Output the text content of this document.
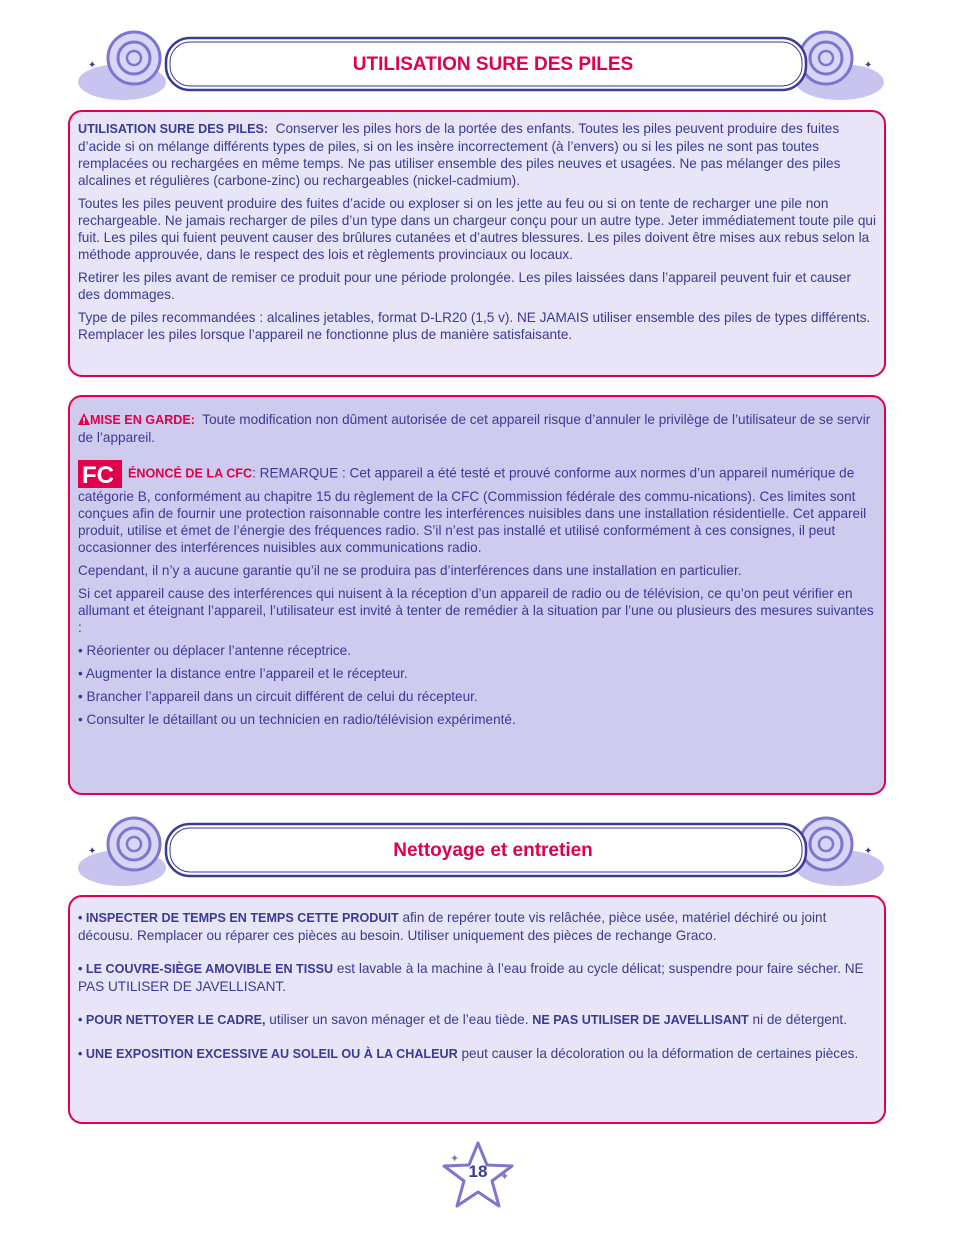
✦	✦
UTILISATION SURE DES PILES

UTILISATION SURE DES PILES: Conserver les piles hors de la portée des enfants. Toutes les piles peuvent produire des fuites d’acide si on mélange différents types de piles, si on les insère incorrectement (à l’envers) ou si les piles ne sont pas toutes remplacées ou rechargées en même temps. Ne pas utiliser ensemble des piles neuves et usagées. Ne pas mélanger des piles alcalines et régulières (carbone-zinc) ou rechargeables (nickel-cadmium).

Toutes les piles peuvent produire des fuites d’acide ou exploser si on les jette au feu ou si on tente de recharger une pile non rechargeable. Ne jamais recharger de piles d’un type dans un chargeur conçu pour un autre type. Jeter immédiatement toute pile qui fuit. Les piles qui fuient peuvent causer des brûlures cutanées et d’autres blessures. Les piles doivent être mises aux rebus selon la méthode approuvée, dans le respect des lois et règlements provinciaux ou locaux.

Retirer les piles avant de remiser ce produit pour une période prolongée. Les piles laissées dans l’appareil peuvent fuir et causer des dommages.

Type de piles recommandées : alcalines jetables, format D-LR20 (1,5 v). NE JAMAIS utiliser ensemble des piles de types différents. Remplacer les piles lorsque l’appareil ne fonctionne plus de manière satisfaisante.

MISE EN GARDE: Toute modification non dûment autorisée de cet appareil risque d’annuler le privilège de l’utilisateur de se servir de l’appareil.

FC ÉNONCÉ DE LA CFC: REMARQUE : Cet appareil a été testé et prouvé conforme aux normes d’un appareil numérique de catégorie B, conformément au chapitre 15 du règlement de la CFC (Commission fédérale des commu-nications). Ces limites sont conçues afin de fournir une protection raisonnable contre les interférences nuisibles dans une installation résidentielle. Cet appareil produit, utilise et émet de l’énergie des fréquences radio. S’il n’est pas installé et utilisé conformément à ces consignes, il peut occasionner des interférences nuisibles aux communications radio.

Cependant, il n’y a aucune garantie qu’il ne se produira pas d’interférences dans une installation en particulier.

Si cet appareil cause des interférences qui nuisent à la réception d’un appareil de radio ou de télévision, ce qu’on peut vérifier en allumant et éteignant l’appareil, l’utilisateur est invité à tenter de remédier à la situation par l’une ou plusieurs des mesures suivantes :

• Réorienter ou déplacer l’antenne réceptrice.

• Augmenter la distance entre l’appareil et le récepteur.

• Brancher l’appareil dans un circuit différent de celui du récepteur.

• Consulter le détaillant ou un technicien en radio/télévision expérimenté.

✦	✦
Nettoyage et entretien

• INSPECTER DE TEMPS EN TEMPS CETTE PRODUIT afin de repérer toute vis relâchée, pièce usée, matériel déchiré ou joint décousu. Remplacer ou réparer ces pièces au besoin. Utiliser uniquement des pièces de rechange Graco.

• LE COUVRE-SIÈGE AMOVIBLE EN TISSU est lavable à la machine à l’eau froide au cycle délicat; suspendre pour faire sécher. NE PAS UTILISER DE JAVELLISANT.

• POUR NETTOYER LE CADRE, utiliser un savon ménager et de l’eau tiède. NE PAS UTILISER DE JAVELLISANT ni de détergent.

• UNE EXPOSITION EXCESSIVE AU SOLEIL OU À LA CHALEUR peut causer la décoloration ou la déformation de certaines pièces.

✦
✦
18
